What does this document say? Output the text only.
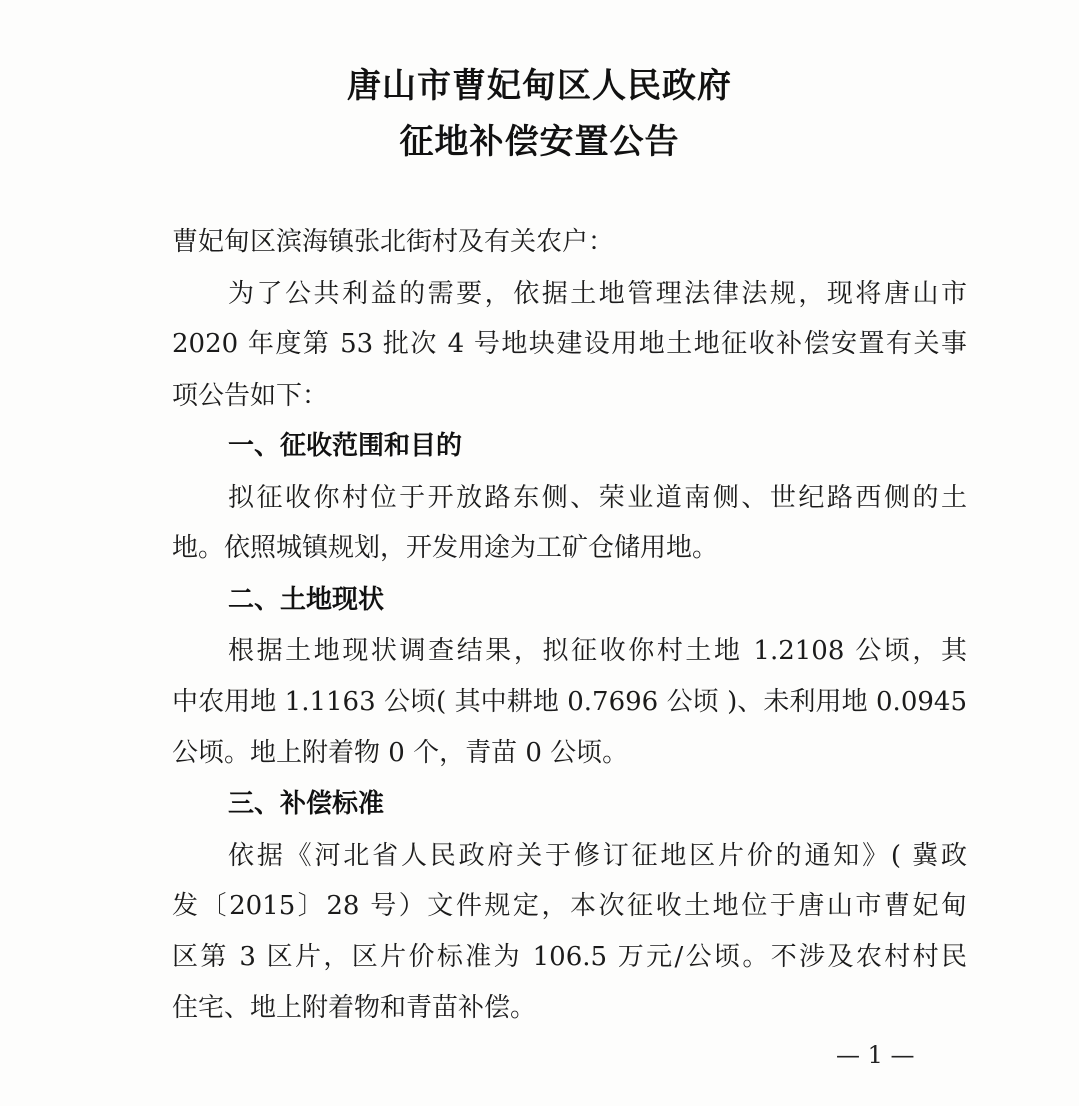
唐山市曹妃甸区人民政府
征地补偿安置公告
曹妃甸区滨海镇张北街村及有关农户：
为了公共利益的需要，依据土地管理法律法规，现将唐山市
2020 年度第 53 批次 4 号地块建设用地土地征收补偿安置有关事
项公告如下：
一、征收范围和目的
拟征收你村位于开放路东侧、荣业道南侧、世纪路西侧的土
地。依照城镇规划，开发用途为工矿仓储用地。
二、土地现状
根据土地现状调查结果，拟征收你村土地 1.2108 公顷，其
中农用地 1.1163 公顷( 其中耕地 0.7696 公顷 )、未利用地 0.0945
公顷。地上附着物 0 个，青苗 0 公顷。
三、补偿标准
依据《河北省人民政府关于修订征地区片价的通知》( 冀政
发〔2015〕28 号）文件规定，本次征收土地位于唐山市曹妃甸
区第 3 区片，区片价标准为 106.5 万元/公顷。不涉及农村村民
住宅、地上附着物和青苗补偿。
— 1 —
